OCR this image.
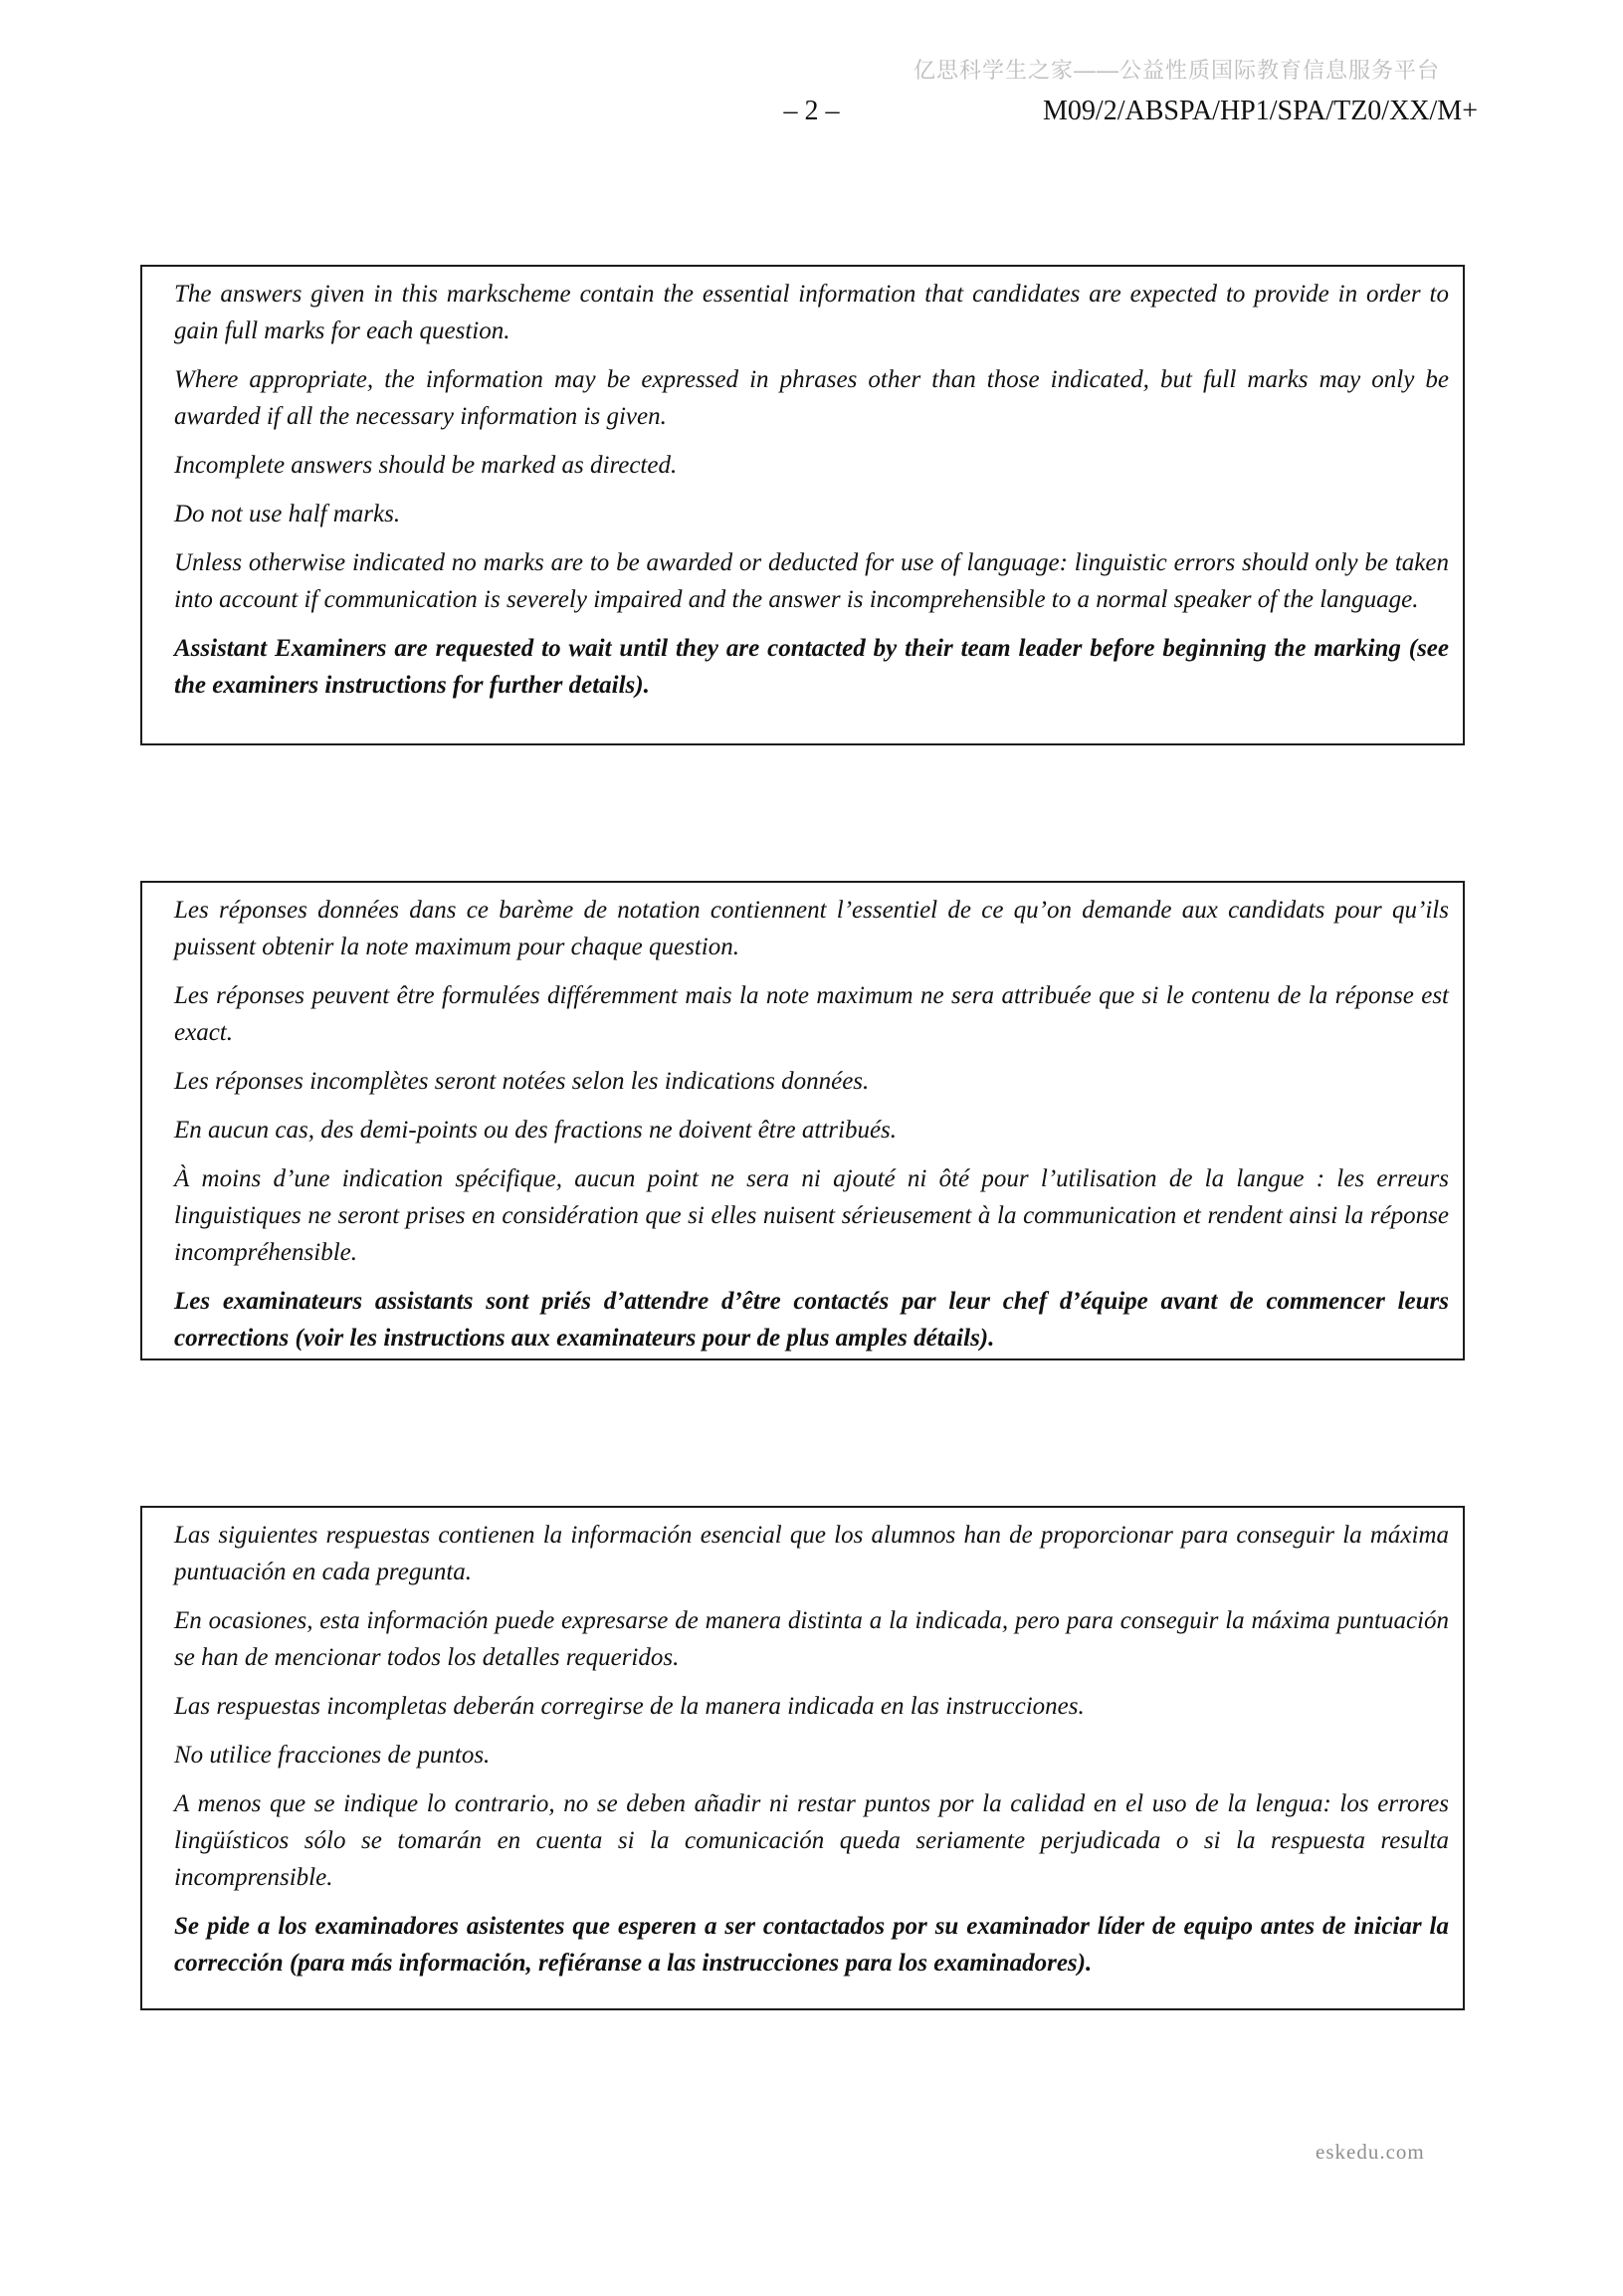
亿思科学生之家——公益性质国际教育信息服务平台
– 2 –	M09/2/ABSPA/HP1/SPA/TZ0/XX/M+

The answers given in this markscheme contain the essential information that candidates are expected to provide in order to gain full marks for each question.

Where appropriate, the information may be expressed in phrases other than those indicated, but full marks may only be awarded if all the necessary information is given.

Incomplete answers should be marked as directed.

Do not use half marks.

Unless otherwise indicated no marks are to be awarded or deducted for use of language: linguistic errors should only be taken into account if communication is severely impaired and the answer is incomprehensible to a normal speaker of the language.

Assistant Examiners are requested to wait until they are contacted by their team leader before beginning the marking (see the examiners instructions for further details).

Les réponses données dans ce barème de notation contiennent l’essentiel de ce qu’on demande aux candidats pour qu’ils puissent obtenir la note maximum pour chaque question.

Les réponses peuvent être formulées différemment mais la note maximum ne sera attribuée que si le contenu de la réponse est exact.

Les réponses incomplètes seront notées selon les indications données.

En aucun cas, des demi-points ou des fractions ne doivent être attribués.

À moins d’une indication spécifique, aucun point ne sera ni ajouté ni ôté pour l’utilisation de la langue : les erreurs linguistiques ne seront prises en considération que si elles nuisent sérieusement à la communication et rendent ainsi la réponse incompréhensible.

Les examinateurs assistants sont priés d’attendre d’être contactés par leur chef d’équipe avant de commencer leurs corrections (voir les instructions aux examinateurs pour de plus amples détails).

Las siguientes respuestas contienen la información esencial que los alumnos han de proporcionar para conseguir la máxima puntuación en cada pregunta.

En ocasiones, esta información puede expresarse de manera distinta a la indicada, pero para conseguir la máxima puntuación se han de mencionar todos los detalles requeridos.

Las respuestas incompletas deberán corregirse de la manera indicada en las instrucciones.

No utilice fracciones de puntos.

A menos que se indique lo contrario, no se deben añadir ni restar puntos por la calidad en el uso de la lengua: los errores lingüísticos sólo se tomarán en cuenta si la comunicación queda seriamente perjudicada o si la respuesta resulta incomprensible.

Se pide a los examinadores asistentes que esperen a ser contactados por su examinador líder de equipo antes de iniciar la corrección (para más información, refiéranse a las instrucciones para los examinadores).

eskedu.com
